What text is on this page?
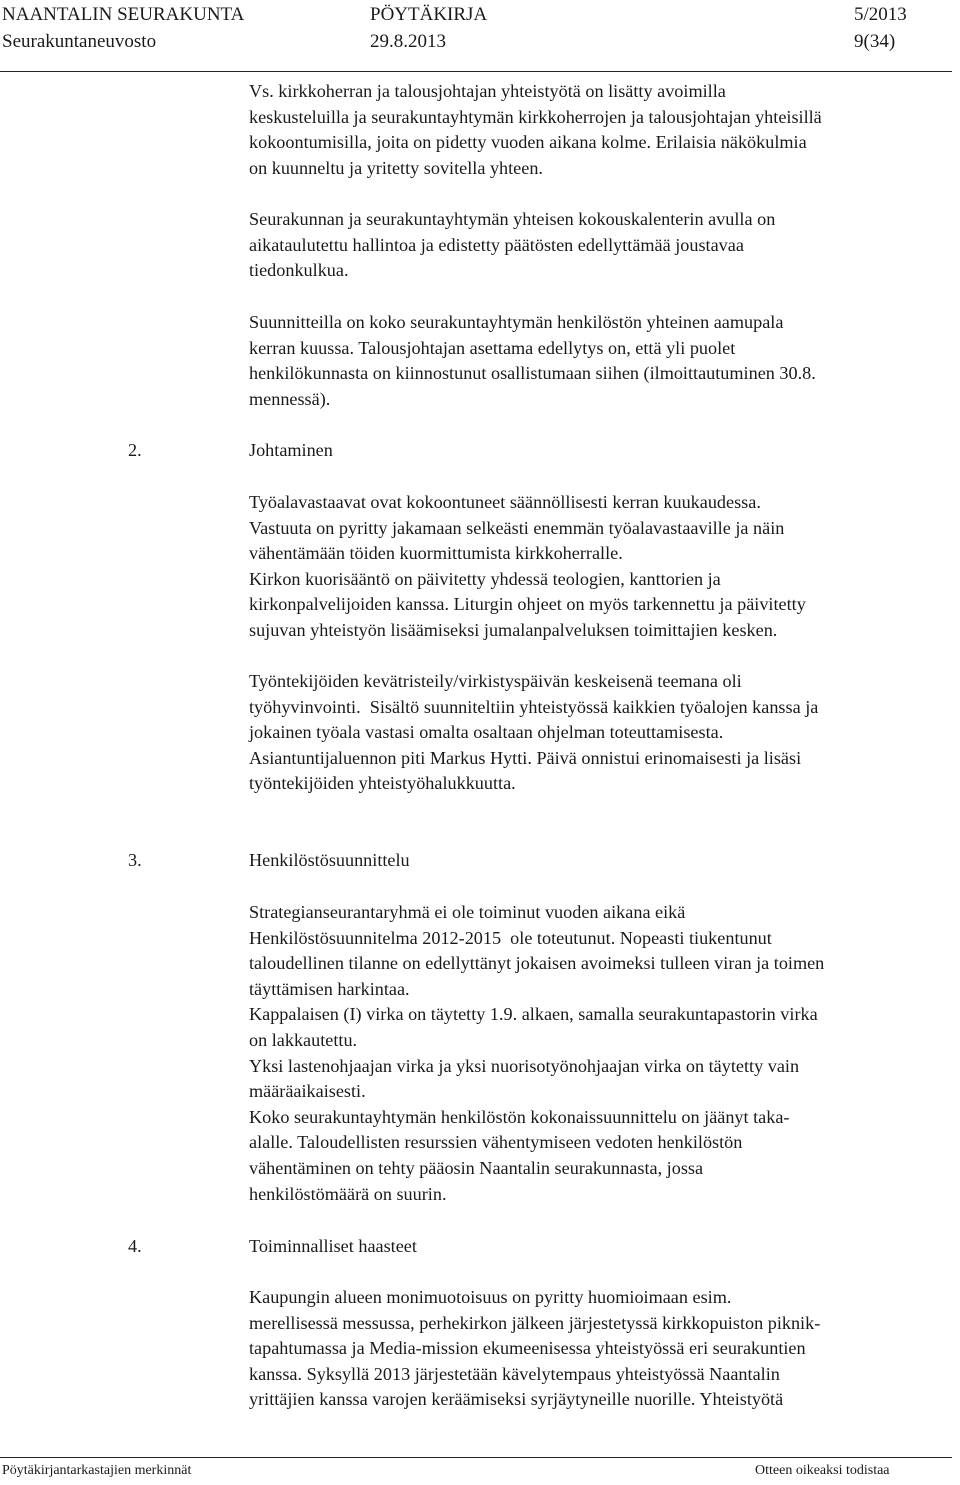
NAANTALIN SEURAKUNTA	PÖYTÄKIRJA	5/2013
Seurakuntaneuvosto	29.8.2013	9(34)
Vs. kirkkoherran ja talousjohtajan yhteistyötä on lisätty avoimilla
keskusteluilla ja seurakuntayhtymän kirkkoherrojen ja talousjohtajan yhteisillä
kokoontumisilla, joita on pidetty vuoden aikana kolme. Erilaisia näkökulmia
on kuunneltu ja yritetty sovitella yhteen.
Seurakunnan ja seurakuntayhtymän yhteisen kokouskalenterin avulla on
aikataulutettu hallintoa ja edistetty päätösten edellyttämää joustavaa
tiedonkulkua.
Suunnitteilla on koko seurakuntayhtymän henkilöstön yhteinen aamupala
kerran kuussa. Talousjohtajan asettama edellytys on, että yli puolet
henkilökunnasta on kiinnostunut osallistumaan siihen (ilmoittautuminen 30.8.
mennessä).
2.	Johtaminen
Työalavastaavat ovat kokoontuneet säännöllisesti kerran kuukaudessa.
Vastuuta on pyritty jakamaan selkeästi enemmän työalavastaaville ja näin
vähentämään töiden kuormittumista kirkkoherralle.
Kirkon kuorisääntö on päivitetty yhdessä teologien, kanttorien ja
kirkonpalvelijoiden kanssa. Liturgin ohjeet on myös tarkennettu ja päivitetty
sujuvan yhteistyön lisäämiseksi jumalanpalveluksen toimittajien kesken.
Työntekijöiden kevätristeily/virkistyspäivän keskeisenä teemana oli
työhyvinvointi.  Sisältö suunniteltiin yhteistyössä kaikkien työalojen kanssa ja
jokainen työala vastasi omalta osaltaan ohjelman toteuttamisesta.
Asiantuntijaluennon piti Markus Hytti. Päivä onnistui erinomaisesti ja lisäsi
työntekijöiden yhteistyöhalukkuutta.
3.	Henkilöstösuunnittelu
Strategianseurantaryhmä ei ole toiminut vuoden aikana eikä
Henkilöstösuunnitelma 2012-2015  ole toteutunut. Nopeasti tiukentunut
taloudellinen tilanne on edellyttänyt jokaisen avoimeksi tulleen viran ja toimen
täyttämisen harkintaa.
Kappalaisen (I) virka on täytetty 1.9. alkaen, samalla seurakuntapastorin virka
on lakkautettu.
Yksi lastenohjaajan virka ja yksi nuorisotyönohjaajan virka on täytetty vain
määräaikaisesti.
Koko seurakuntayhtymän henkilöstön kokonaissuunnittelu on jäänyt taka-
alalle. Taloudellisten resurssien vähentymiseen vedoten henkilöstön
vähentäminen on tehty pääosin Naantalin seurakunnasta, jossa
henkilöstömäärä on suurin.
4.	Toiminnalliset haasteet
Kaupungin alueen monimuotoisuus on pyritty huomioimaan esim.
merellisessä messussa, perhekirkon jälkeen järjestetyssä kirkkopuiston piknik-
tapahtumassa ja Media-mission ekumeenisessa yhteistyössä eri seurakuntien
kanssa. Syksyllä 2013 järjestetään kävelytempaus yhteistyössä Naantalin
yrittäjien kanssa varojen keräämiseksi syrjäytyneille nuorille. Yhteistyötä
Pöytäkirjantarkastajien merkinnät	Otteen oikeaksi todistaa
